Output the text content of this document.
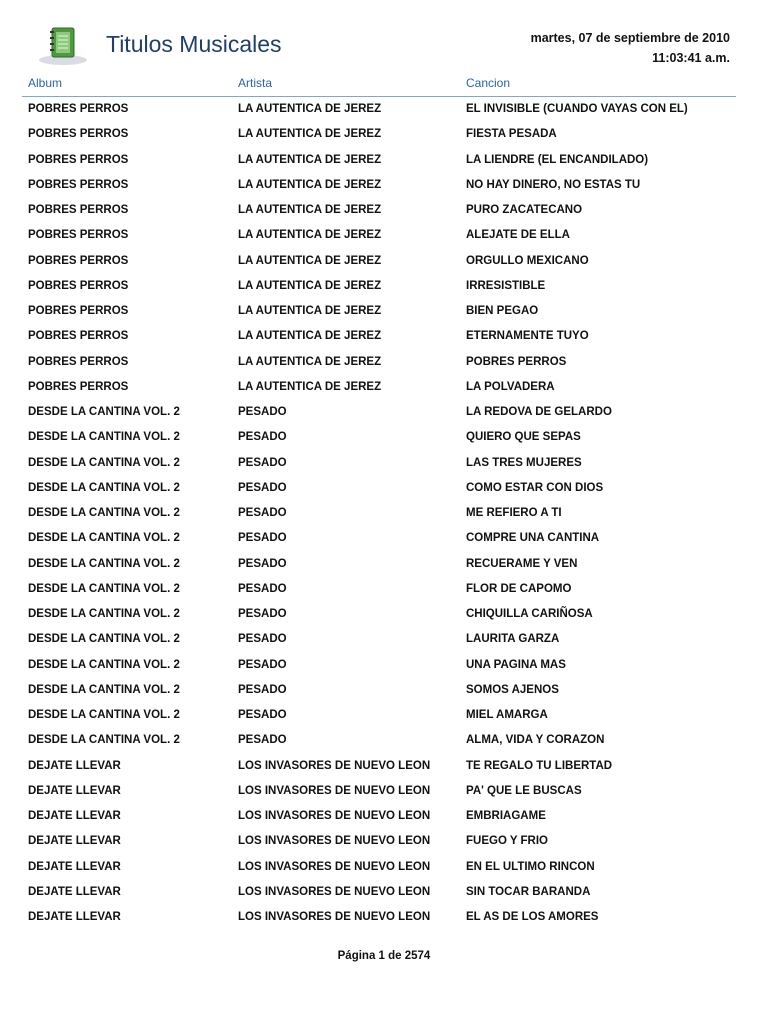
Titulos Musicales	martes, 07 de septiembre de 2010
11:03:41 a.m.
Album	Artista	Cancion
POBRES PERROS	LA AUTENTICA DE JEREZ	EL INVISIBLE (CUANDO VAYAS CON EL)
POBRES PERROS	LA AUTENTICA DE JEREZ	FIESTA PESADA
POBRES PERROS	LA AUTENTICA DE JEREZ	LA LIENDRE (EL ENCANDILADO)
POBRES PERROS	LA AUTENTICA DE JEREZ	NO HAY DINERO, NO ESTAS TU
POBRES PERROS	LA AUTENTICA DE JEREZ	PURO ZACATECANO
POBRES PERROS	LA AUTENTICA DE JEREZ	ALEJATE DE ELLA
POBRES PERROS	LA AUTENTICA DE JEREZ	ORGULLO MEXICANO
POBRES PERROS	LA AUTENTICA DE JEREZ	IRRESISTIBLE
POBRES PERROS	LA AUTENTICA DE JEREZ	BIEN PEGAO
POBRES PERROS	LA AUTENTICA DE JEREZ	ETERNAMENTE TUYO
POBRES PERROS	LA AUTENTICA DE JEREZ	POBRES PERROS
POBRES PERROS	LA AUTENTICA DE JEREZ	LA POLVADERA
DESDE LA CANTINA VOL. 2	PESADO	LA REDOVA DE GELARDO
DESDE LA CANTINA VOL. 2	PESADO	QUIERO QUE SEPAS
DESDE LA CANTINA VOL. 2	PESADO	LAS TRES MUJERES
DESDE LA CANTINA VOL. 2	PESADO	COMO ESTAR CON DIOS
DESDE LA CANTINA VOL. 2	PESADO	ME REFIERO A TI
DESDE LA CANTINA VOL. 2	PESADO	COMPRE UNA CANTINA
DESDE LA CANTINA VOL. 2	PESADO	RECUERAME Y VEN
DESDE LA CANTINA VOL. 2	PESADO	FLOR DE CAPOMO
DESDE LA CANTINA VOL. 2	PESADO	CHIQUILLA CARIÑOSA
DESDE LA CANTINA VOL. 2	PESADO	LAURITA GARZA
DESDE LA CANTINA VOL. 2	PESADO	UNA PAGINA MAS
DESDE LA CANTINA VOL. 2	PESADO	SOMOS AJENOS
DESDE LA CANTINA VOL. 2	PESADO	MIEL AMARGA
DESDE LA CANTINA VOL. 2	PESADO	ALMA, VIDA Y CORAZON
DEJATE LLEVAR	LOS INVASORES DE NUEVO LEON	TE REGALO TU LIBERTAD
DEJATE LLEVAR	LOS INVASORES DE NUEVO LEON	PA' QUE LE BUSCAS
DEJATE LLEVAR	LOS INVASORES DE NUEVO LEON	EMBRIAGAME
DEJATE LLEVAR	LOS INVASORES DE NUEVO LEON	FUEGO Y FRIO
DEJATE LLEVAR	LOS INVASORES DE NUEVO LEON	EN EL ULTIMO RINCON
DEJATE LLEVAR	LOS INVASORES DE NUEVO LEON	SIN TOCAR BARANDA
DEJATE LLEVAR	LOS INVASORES DE NUEVO LEON	EL AS DE LOS AMORES
Página 1 de 2574
